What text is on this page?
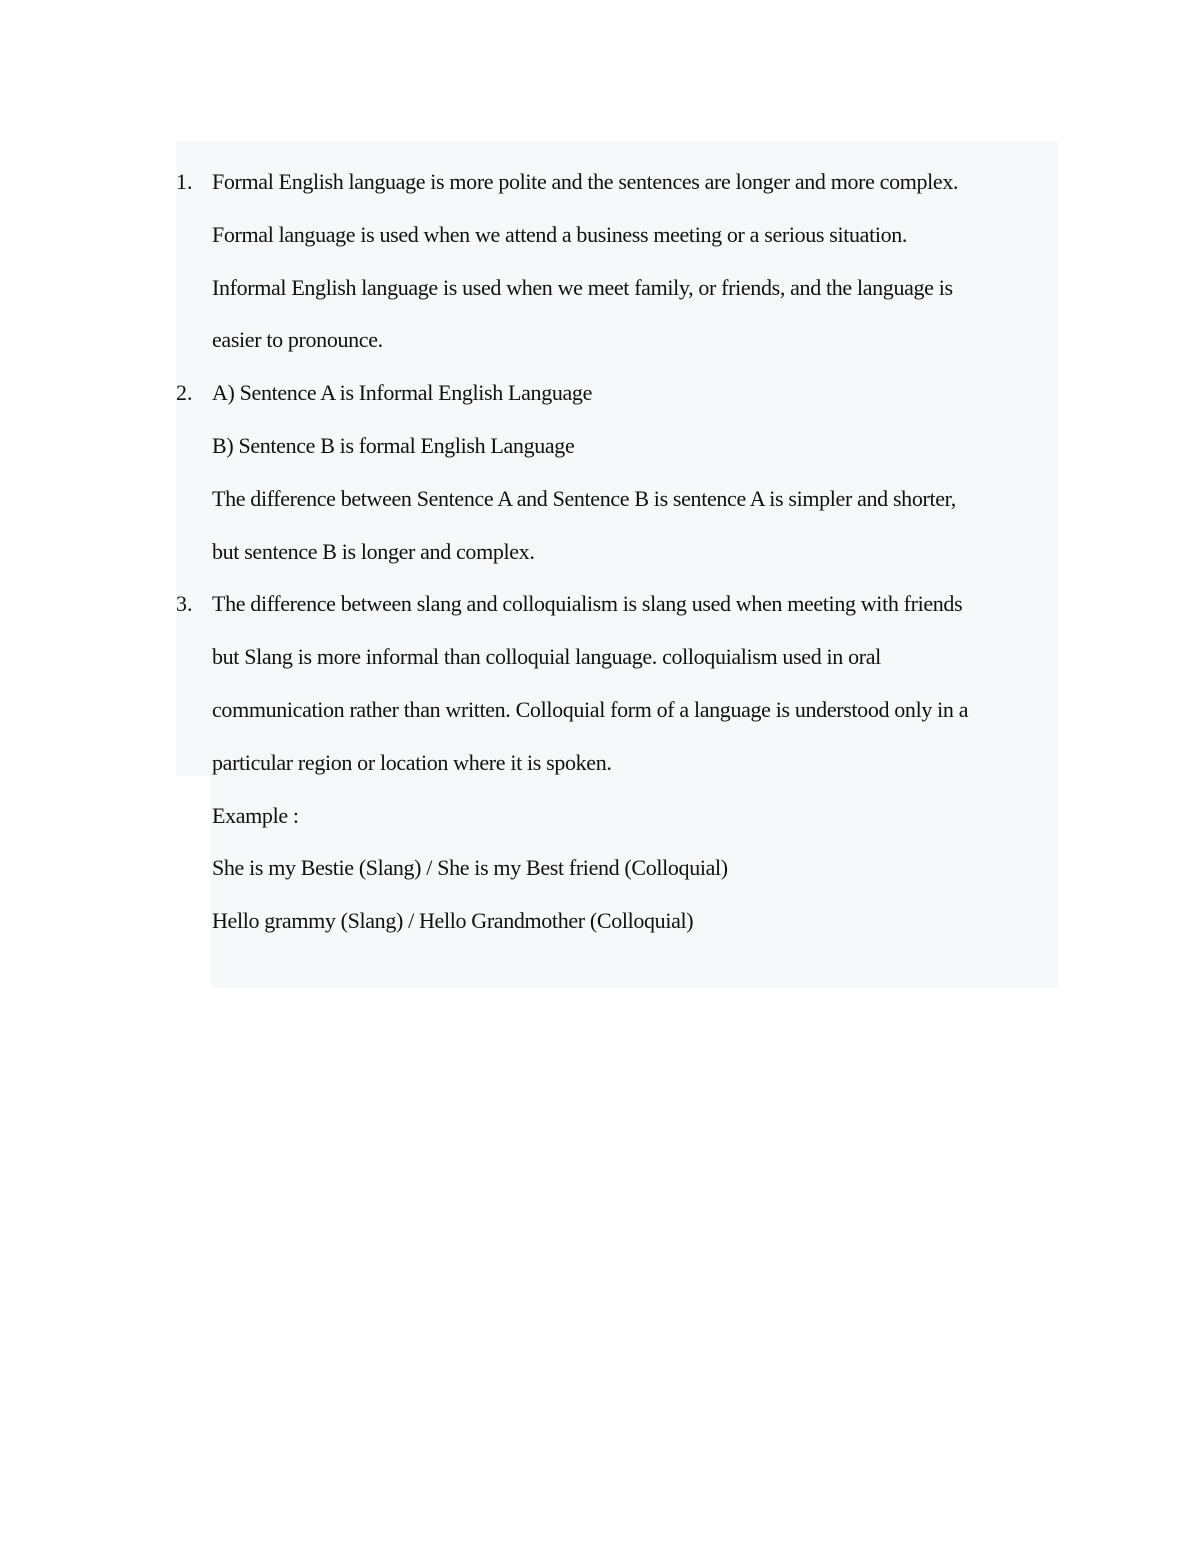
1. Formal English language is more polite and the sentences are longer and more complex.
Formal language is used when we attend a business meeting or a serious situation.
Informal English language is used when we meet family, or friends, and the language is
easier to pronounce.
2. A) Sentence A is Informal English Language
B) Sentence B is formal English Language
The difference between Sentence A and Sentence B is sentence A is simpler and shorter,
but sentence B is longer and complex.
3. The difference between slang and colloquialism is slang used when meeting with friends
but Slang is more informal than colloquial language. colloquialism used in oral
communication rather than written. Colloquial form of a language is understood only in a
particular region or location where it is spoken.
Example :
She is my Bestie (Slang) / She is my Best friend (Colloquial)
Hello grammy (Slang) / Hello Grandmother (Colloquial)
